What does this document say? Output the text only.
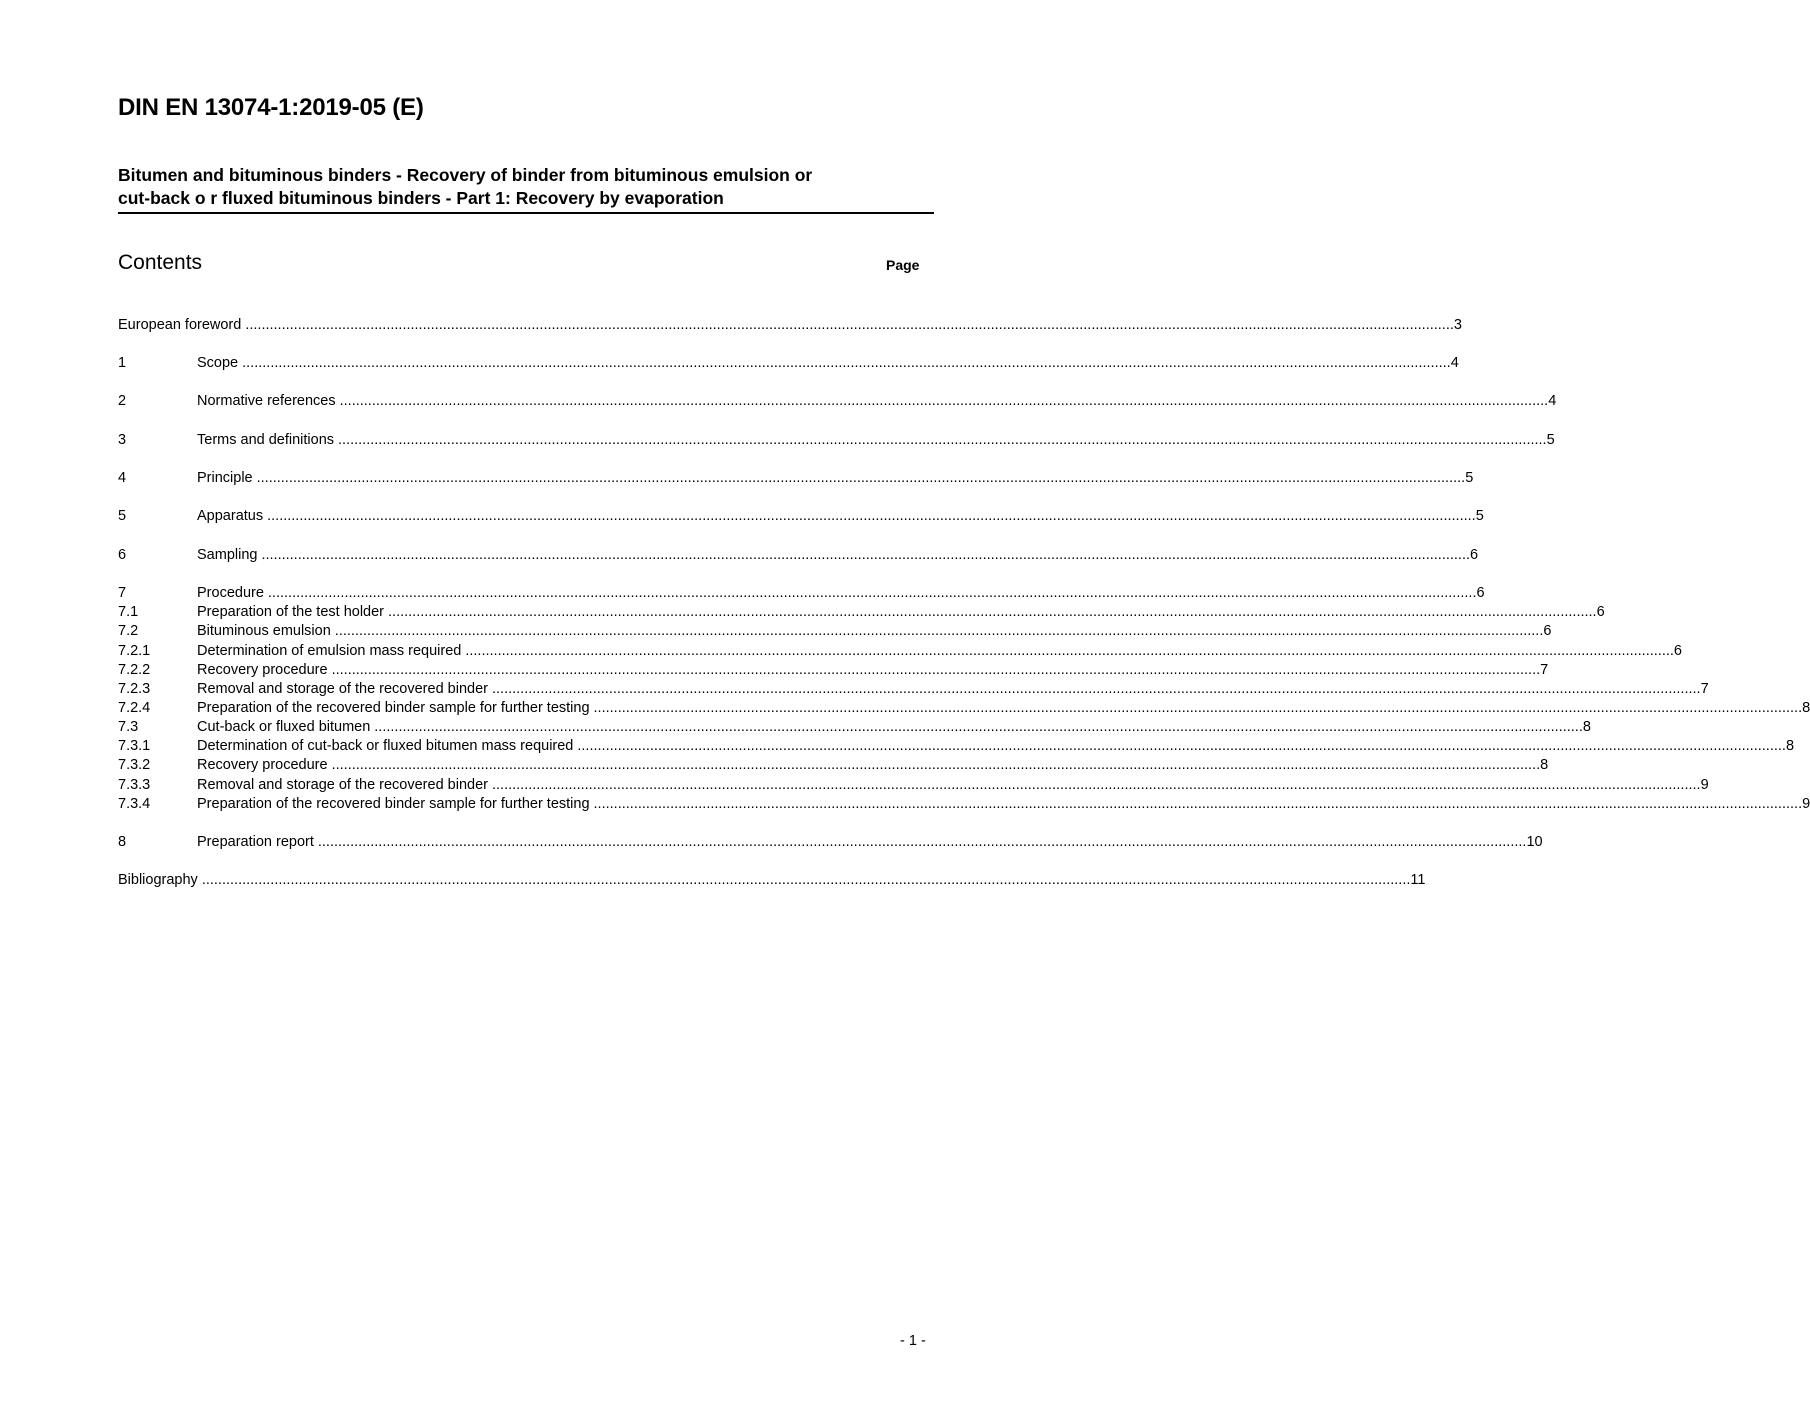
DIN EN 13074-1:2019-05 (E)
Bitumen and bituminous binders - Recovery of binder from bituminous emulsion or
cut-back o r fluxed bituminous binders - Part 1: Recovery by evaporation
Contents	Page
European foreword ............................................................................................................................................................................................................................................................................................................ 3
1	Scope ............................................................................................................................................................................................................................................................................................................ 4
2	Normative references ............................................................................................................................................................................................................................................................................................................ 4
3	Terms and definitions ............................................................................................................................................................................................................................................................................................................ 5
4	Principle ............................................................................................................................................................................................................................................................................................................ 5
5	Apparatus ............................................................................................................................................................................................................................................................................................................ 5
6	Sampling ............................................................................................................................................................................................................................................................................................................ 6
7	Procedure ............................................................................................................................................................................................................................................................................................................ 6
7.1	Preparation of the test holder ............................................................................................................................................................................................................................................................................................................ 6
7.2	Bituminous emulsion ............................................................................................................................................................................................................................................................................................................ 6
7.2.1	Determination of emulsion mass required ............................................................................................................................................................................................................................................................................................................ 6
7.2.2	Recovery procedure ............................................................................................................................................................................................................................................................................................................ 7
7.2.3	Removal and storage of the recovered binder ............................................................................................................................................................................................................................................................................................................ 7
7.2.4	Preparation of the recovered binder sample for further testing ............................................................................................................................................................................................................................................................................................................ 8
7.3	Cut-back or fluxed bitumen ............................................................................................................................................................................................................................................................................................................ 8
7.3.1	Determination of cut-back or fluxed bitumen mass required ............................................................................................................................................................................................................................................................................................................ 8
7.3.2	Recovery procedure ............................................................................................................................................................................................................................................................................................................ 8
7.3.3	Removal and storage of the recovered binder ............................................................................................................................................................................................................................................................................................................ 9
7.3.4	Preparation of the recovered binder sample for further testing ............................................................................................................................................................................................................................................................................................................ 9
8	Preparation report ............................................................................................................................................................................................................................................................................................................ 10
Bibliography ............................................................................................................................................................................................................................................................................................................ 11
- 1 -
